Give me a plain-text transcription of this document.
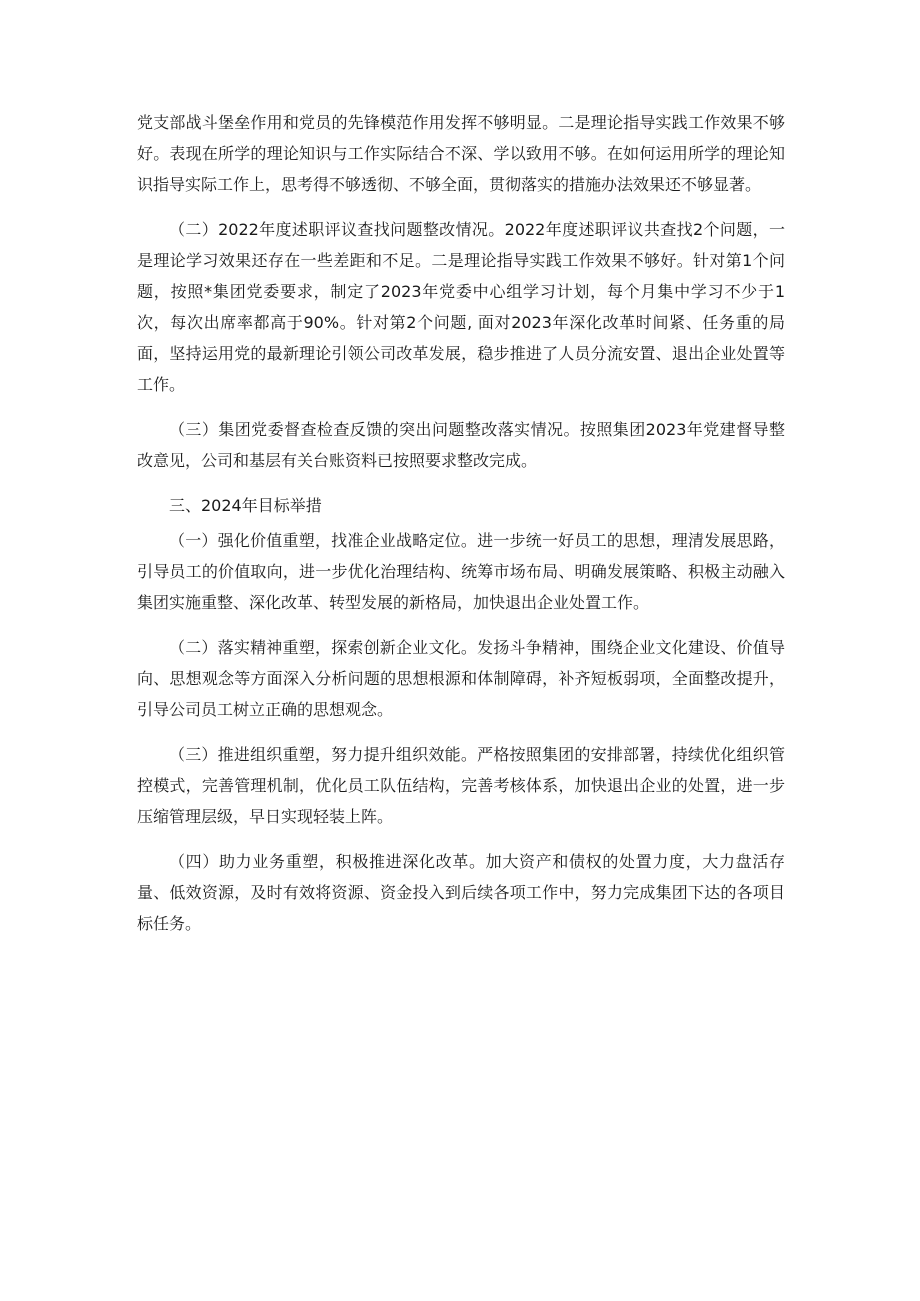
党支部战斗堡垒作用和党员的先锋模范作用发挥不够明显。二是理论指导实践工作效果不够好。表现在所学的理论知识与工作实际结合不深、学以致用不够。在如何运用所学的理论知识指导实际工作上，思考得不够透彻、不够全面，贯彻落实的措施办法效果还不够显著。

（二）2022年度述职评议查找问题整改情况。2022年度述职评议共查找2个问题，一是理论学习效果还存在一些差距和不足。二是理论指导实践工作效果不够好。针对第1个问题，按照*集团党委要求，制定了2023年党委中心组学习计划，每个月集中学习不少于1次，每次出席率都高于90%。针对第2个问题, 面对2023年深化改革时间紧、任务重的局面，坚持运用党的最新理论引领公司改革发展，稳步推进了人员分流安置、退出企业处置等工作。

（三）集团党委督查检查反馈的突出问题整改落实情况。按照集团2023年党建督导整改意见，公司和基层有关台账资料已按照要求整改完成。

三、2024年目标举措

（一）强化价值重塑，找准企业战略定位。进一步统一好员工的思想，理清发展思路，引导员工的价值取向，进一步优化治理结构、统筹市场布局、明确发展策略、积极主动融入集团实施重整、深化改革、转型发展的新格局，加快退出企业处置工作。

（二）落实精神重塑，探索创新企业文化。发扬斗争精神，围绕企业文化建设、价值导向、思想观念等方面深入分析问题的思想根源和体制障碍，补齐短板弱项，全面整改提升，引导公司员工树立正确的思想观念。

（三）推进组织重塑，努力提升组织效能。严格按照集团的安排部署，持续优化组织管控模式，完善管理机制，优化员工队伍结构，完善考核体系，加快退出企业的处置，进一步压缩管理层级，早日实现轻装上阵。

（四）助力业务重塑，积极推进深化改革。加大资产和债权的处置力度，大力盘活存量、低效资源，及时有效将资源、资金投入到后续各项工作中，努力完成集团下达的各项目标任务。
